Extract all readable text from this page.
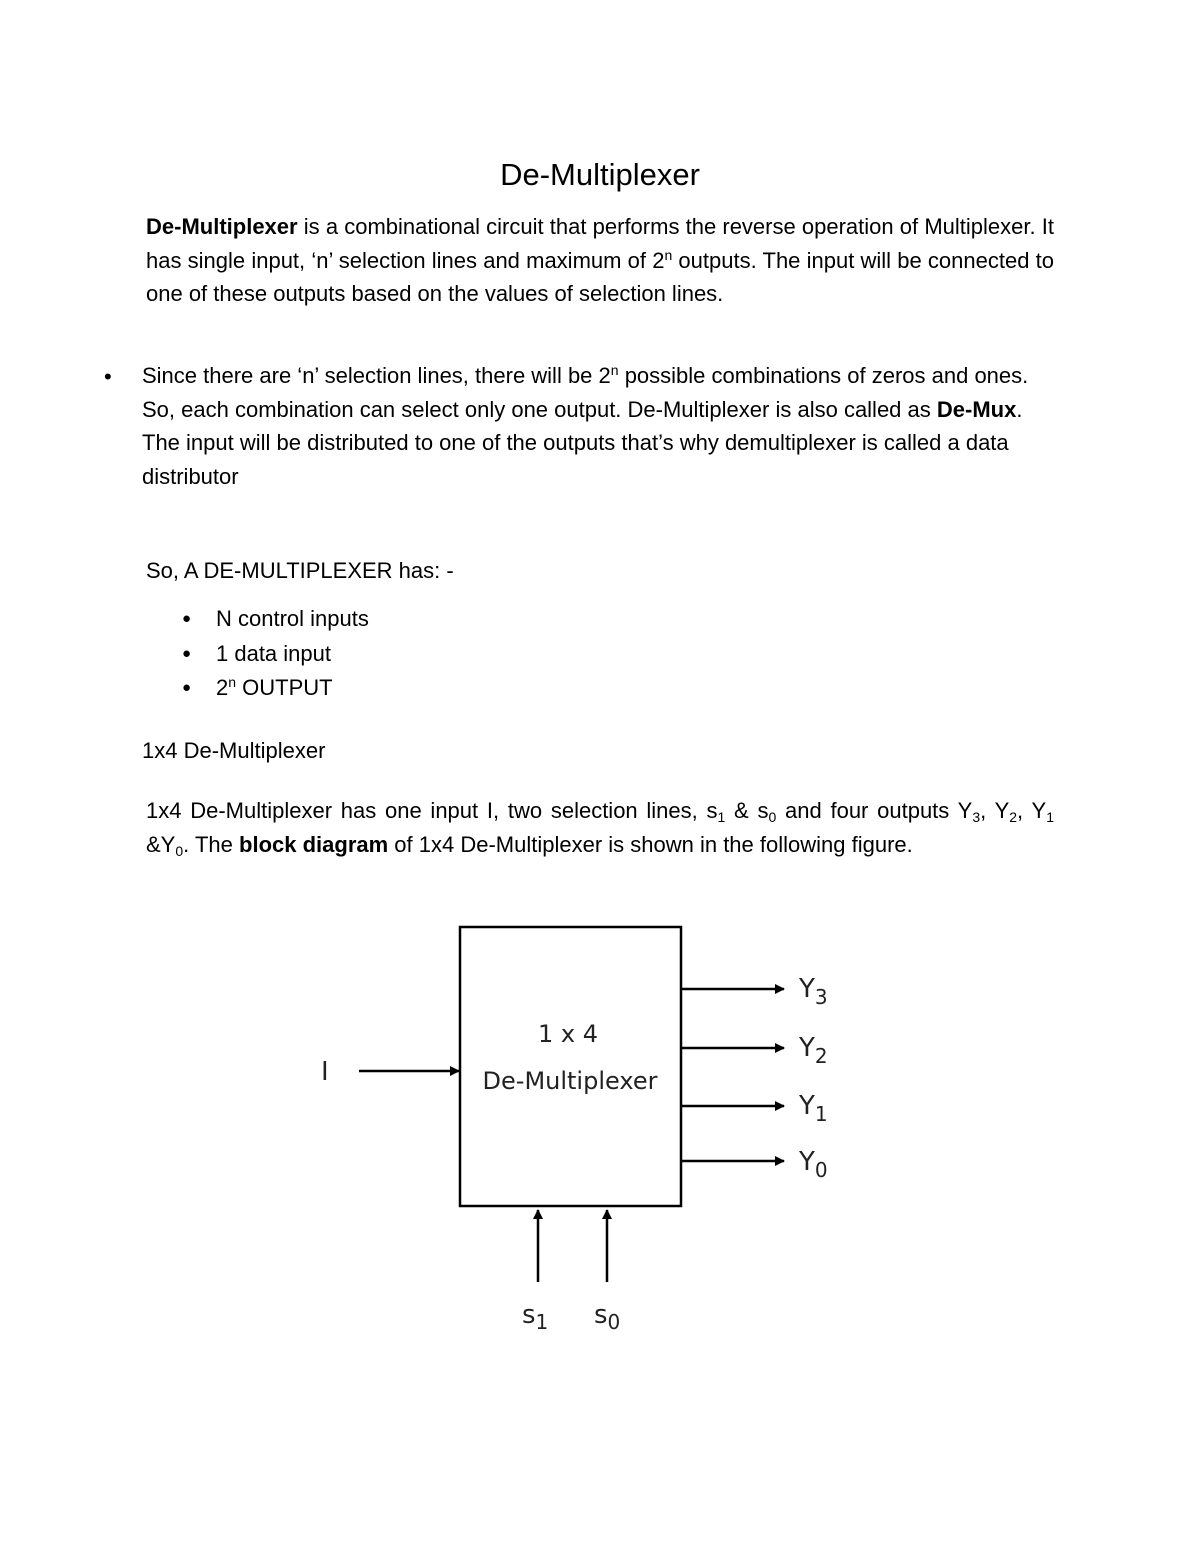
De-Multiplexer

De-Multiplexer is a combinational circuit that performs the reverse operation of Multiplexer. It has single input, ‘n’ selection lines and maximum of 2$^n$ outputs. The input will be connected to one of these outputs based on the values of selection lines.

• Since there are ‘n’ selection lines, there will be 2$^n$ possible combinations of zeros and ones. So, each combination can select only one output. De-Multiplexer is also called as De-Mux. The input will be distributed to one of the outputs that’s why demultiplexer is called a data distributor

So, A DE-MULTIPLEXER has: -

● N control inputs
● 1 data input
● 2$^n$ OUTPUT

1x4 De-Multiplexer

1x4 De-Multiplexer has one input I, two selection lines, $s_1$ & $s_0$ and four outputs $Y_3$, $Y_2$, $Y_1$ $\&Y_0$. The block diagram of 1x4 De-Multiplexer is shown in the following figure.

1 x 4
De-Multiplexer
I
$Y_3$
$Y_2$
$Y_1$
$Y_0$
$s_1$ $s_0$
